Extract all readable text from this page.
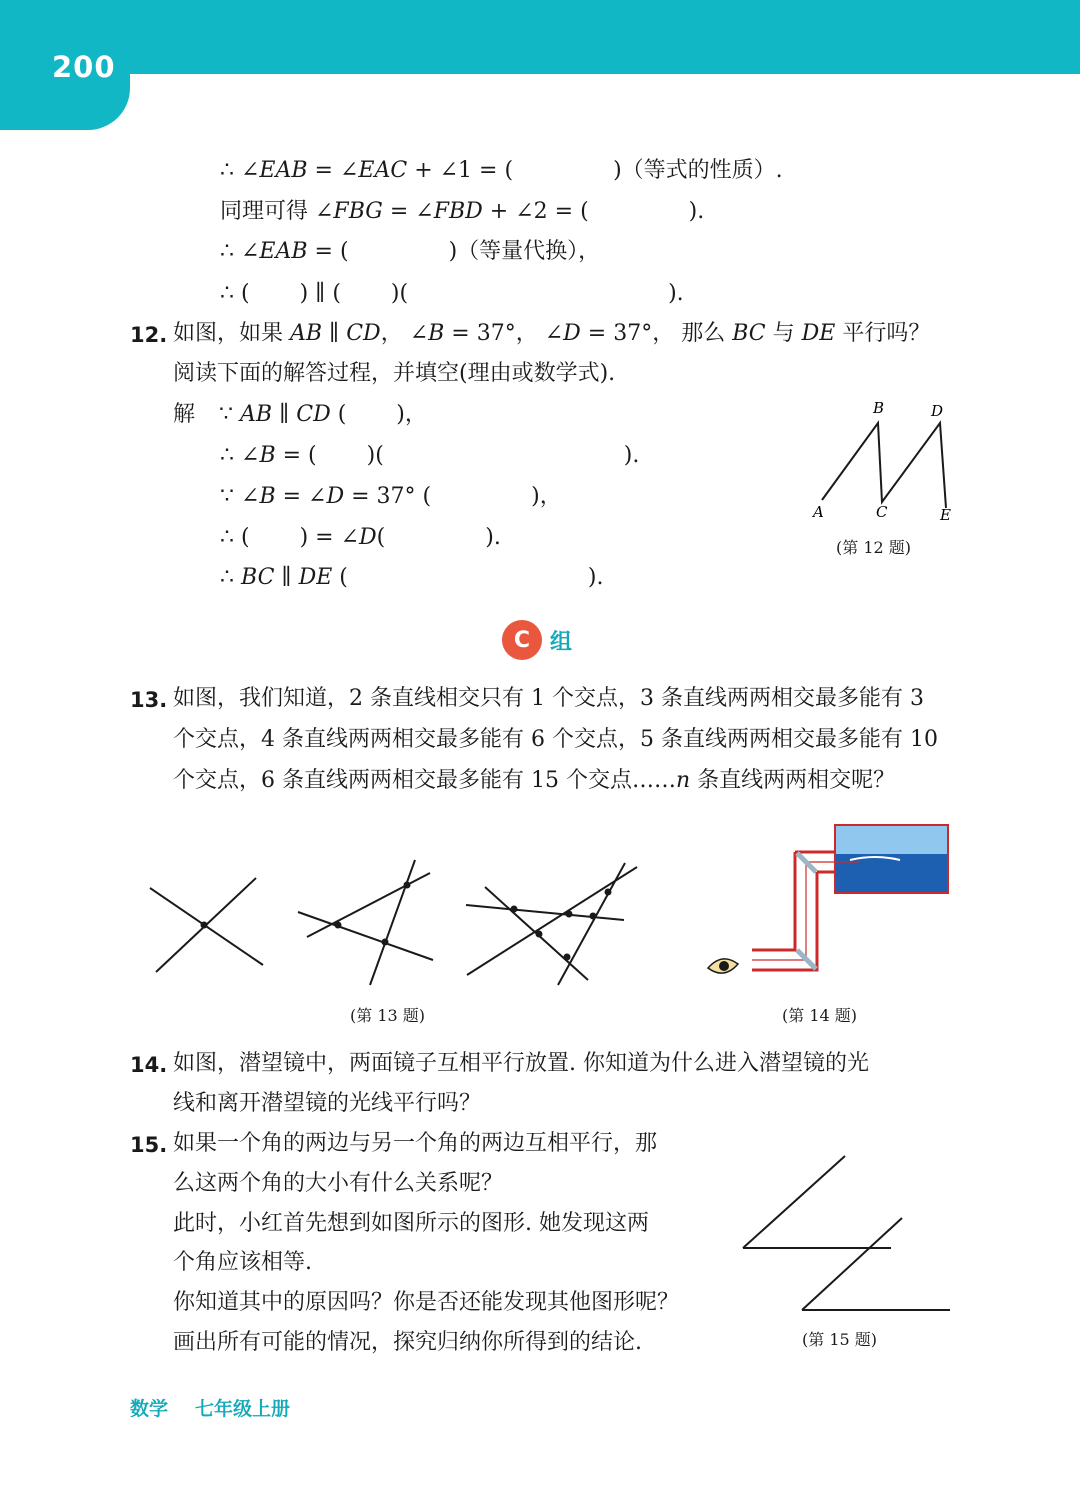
200
∴ ∠EAB = ∠EAC + ∠1 = (	)（等式的性质）.
同理可得 ∠FBG = ∠FBD + ∠2 = (	).
∴ ∠EAB = (	)（等量代换），
∴ ( ) ∥ ( )(	).
12. 如图，如果 AB ∥ CD， ∠B = 37°， ∠D = 37°， 那么 BC 与 DE 平行吗？
阅读下面的解答过程，并填空(理由或数学式).
解 ∵ AB ∥ CD ( )，
∴ ∠B = ( )(	).
∵ ∠B = ∠D = 37° (	)，
∴ ( ) = ∠D(	).
∴ BC ∥ DE (	).
B	D
A	C	E
(第 12 题)
C 组
13. 如图，我们知道，2 条直线相交只有 1 个交点，3 条直线两两相交最多能有 3
个交点，4 条直线两两相交最多能有 6 个交点，5 条直线两两相交最多能有 10
个交点，6 条直线两两相交最多能有 15 个交点……n 条直线两两相交呢？
(第 13 题)	(第 14 题)
14. 如图，潜望镜中，两面镜子互相平行放置. 你知道为什么进入潜望镜的光
线和离开潜望镜的光线平行吗？
15. 如果一个角的两边与另一个角的两边互相平行，那
么这两个角的大小有什么关系呢？
此时，小红首先想到如图所示的图形. 她发现这两
个角应该相等.
你知道其中的原因吗？你是否还能发现其他图形呢？
画出所有可能的情况，探究归纳你所得到的结论.	(第 15 题)
数学 七年级上册
